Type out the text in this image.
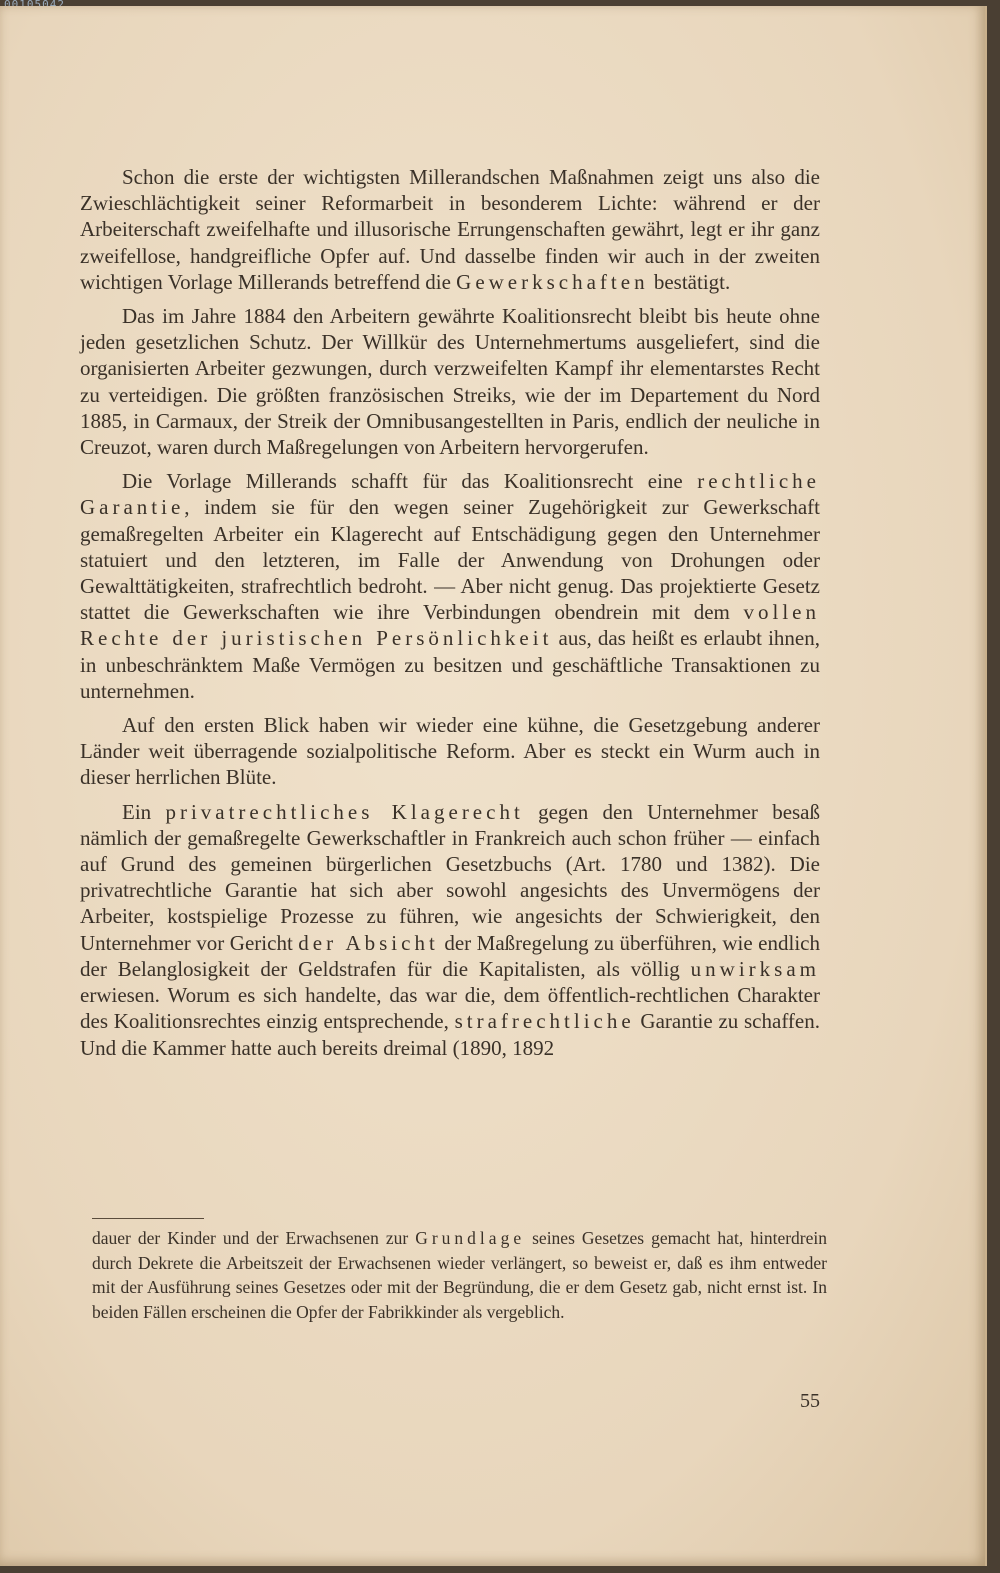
Schon die erste der wichtigsten Millerandschen Maßnahmen zeigt uns also die Zwieschlächtigkeit seiner Reformarbeit in besonderem Lichte: während er der Arbeiterschaft zweifelhafte und illusorische Errungenschaften gewährt, legt er ihr ganz zweifellose, handgreifliche Opfer auf. Und dasselbe finden wir auch in der zweiten wichtigen Vorlage Millerands betreffend die Gewerkschaften bestätigt.

Das im Jahre 1884 den Arbeitern gewährte Koalitionsrecht bleibt bis heute ohne jeden gesetzlichen Schutz. Der Willkür des Unternehmertums ausgeliefert, sind die organisierten Arbeiter gezwungen, durch verzweifelten Kampf ihr elementarstes Recht zu verteidigen. Die größten französischen Streiks, wie der im Departement du Nord 1885, in Carmaux, der Streik der Omnibusangestellten in Paris, endlich der neuliche in Creuzot, waren durch Maßregelungen von Arbeitern hervorgerufen.

Die Vorlage Millerands schafft für das Koalitionsrecht eine rechtliche Garantie, indem sie für den wegen seiner Zugehörigkeit zur Gewerkschaft gemaßregelten Arbeiter ein Klagerecht auf Entschädigung gegen den Unternehmer statuiert und den letzteren, im Falle der Anwendung von Drohungen oder Gewalttätigkeiten, strafrechtlich bedroht. — Aber nicht genug. Das projektierte Gesetz stattet die Gewerkschaften wie ihre Verbindungen obendrein mit dem vollen Rechte der juristischen Persönlichkeit aus, das heißt es erlaubt ihnen, in unbeschränktem Maße Vermögen zu besitzen und geschäftliche Transaktionen zu unternehmen.

Auf den ersten Blick haben wir wieder eine kühne, die Gesetzgebung anderer Länder weit überragende sozialpolitische Reform. Aber es steckt ein Wurm auch in dieser herrlichen Blüte.

Ein privatrechtliches Klagerecht gegen den Unternehmer besaß nämlich der gemaßregelte Gewerkschaftler in Frankreich auch schon früher — einfach auf Grund des gemeinen bürgerlichen Gesetzbuchs (Art. 1780 und 1382). Die privatrechtliche Garantie hat sich aber sowohl angesichts des Unvermögens der Arbeiter, kostspielige Prozesse zu führen, wie angesichts der Schwierigkeit, den Unternehmer vor Gericht der Absicht der Maßregelung zu überführen, wie endlich der Belanglosigkeit der Geldstrafen für die Kapitalisten, als völlig unwirksam erwiesen. Worum es sich handelte, das war die, dem öffentlich-rechtlichen Charakter des Koalitionsrechtes einzig entsprechende, strafrechtliche Garantie zu schaffen. Und die Kammer hatte auch bereits dreimal (1890, 1892

dauer der Kinder und der Erwachsenen zur Grundlage seines Gesetzes gemacht hat, hinterdrein durch Dekrete die Arbeitszeit der Erwachsenen wieder verlängert, so beweist er, daß es ihm entweder mit der Ausführung seines Gesetzes oder mit der Begründung, die er dem Gesetz gab, nicht ernst ist. In beiden Fällen erscheinen die Opfer der Fabrikkinder als vergeblich.
55
